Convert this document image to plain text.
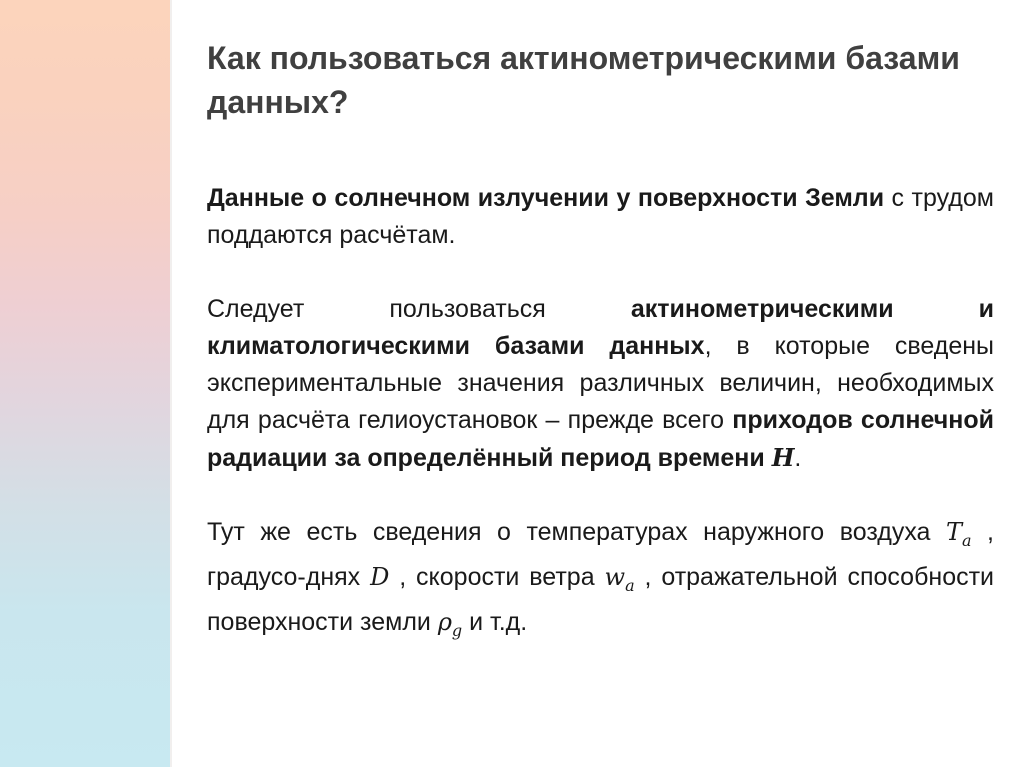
Как пользоваться актинометрическими базами данных?

Данные о солнечном излучении у поверхности Земли с трудом поддаются расчётам.

Следует пользоваться актинометрическими и климатологическими базами данных, в которые сведены экспериментальные значения различных величин, необходимых для расчёта гелиоустановок – прежде всего приходов солнечной радиации за определённый период времени H.

Тут же есть сведения о температурах наружного воздуха $T_a$ , градусо-днях D , скорости ветра $w_a$ , отражательной способности поверхности земли $\rho_g$ и т.д.
